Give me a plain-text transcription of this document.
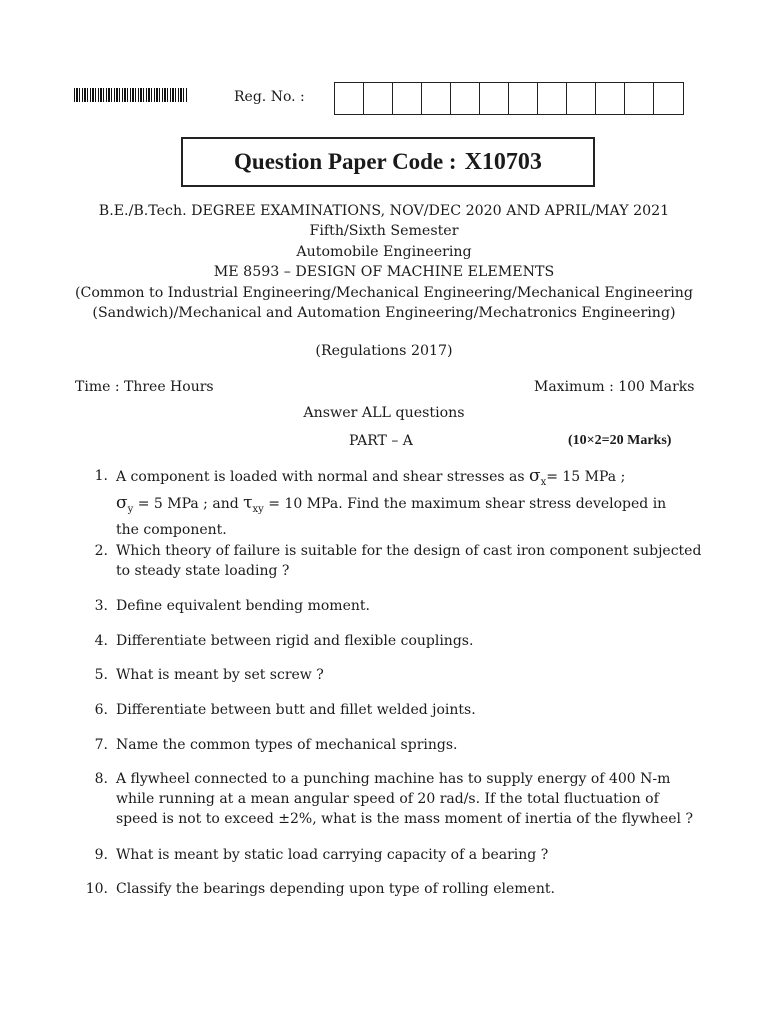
Reg. No. :
Question Paper Code : X10703
B.E./B.Tech. DEGREE EXAMINATIONS, NOV/DEC 2020 AND APRIL/MAY 2021
Fifth/Sixth Semester
Automobile Engineering
ME 8593 – DESIGN OF MACHINE ELEMENTS
(Common to Industrial Engineering/Mechanical Engineering/Mechanical Engineering
(Sandwich)/Mechanical and Automation Engineering/Mechatronics Engineering)
(Regulations 2017)
Time : Three Hours	Maximum : 100 Marks
Answer ALL questions
PART – A	(10×2=20 Marks)
1. A component is loaded with normal and shear stresses as $\sigma_x= 15$ MPa ;
$\sigma_y = 5$ MPa ; and $\tau_{xy} = 10$ MPa. Find the maximum shear stress developed in
the component.
2. Which theory of failure is suitable for the design of cast iron component subjected
to steady state loading ?
3. Define equivalent bending moment.
4. Differentiate between rigid and flexible couplings.
5. What is meant by set screw ?
6. Differentiate between butt and fillet welded joints.
7. Name the common types of mechanical springs.
8. A flywheel connected to a punching machine has to supply energy of 400 N-m
while running at a mean angular speed of 20 rad/s. If the total fluctuation of
speed is not to exceed ±2%, what is the mass moment of inertia of the flywheel ?
9. What is meant by static load carrying capacity of a bearing ?
10. Classify the bearings depending upon type of rolling element.
